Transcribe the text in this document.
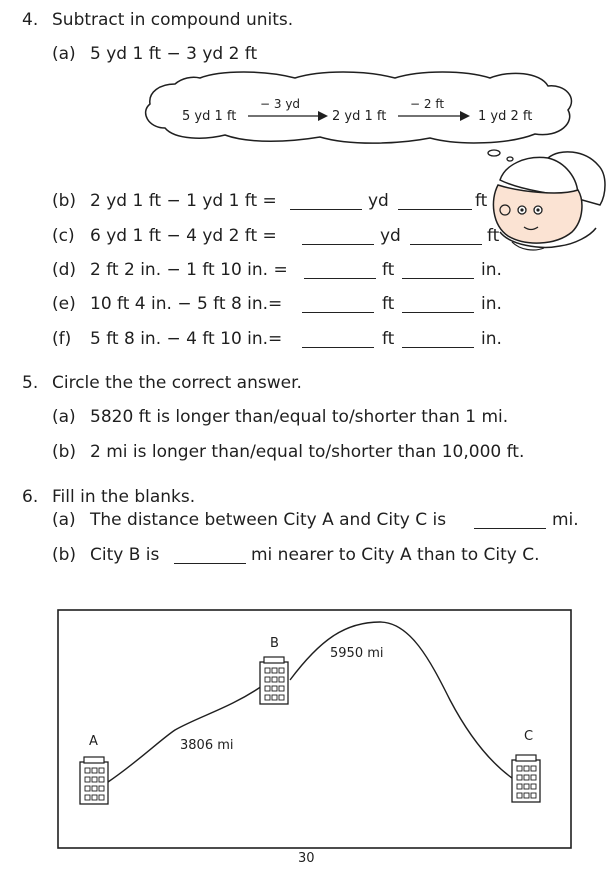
4. Subtract in compound units.
(a) 5 yd 1 ft − 3 yd 2 ft
5 yd 1 ft
− 3 yd
2 yd 1 ft
− 2 ft
1 yd 2 ft
(b) 2 yd 1 ft − 1 yd 1 ft =	yd	ft
(c) 6 yd 1 ft − 4 yd 2 ft =	yd	ft
(d) 2 ft 2 in. − 1 ft 10 in. =	ft	in.
(e) 10 ft 4 in. − 5 ft 8 in.=	ft	in.
(f) 5 ft 8 in. − 4 ft 10 in.=	ft	in.
5. Circle the the correct answer.
(a) 5820 ft is longer than/equal to/shorter than 1 mi.
(b) 2 mi is longer than/equal to/shorter than 10,000 ft.
6. Fill in the blanks.
(a) The distance between City A and City C is	mi.
(b) City B is	mi nearer to City A than to City C.
A
B
C
3806 mi
5950 mi
30
